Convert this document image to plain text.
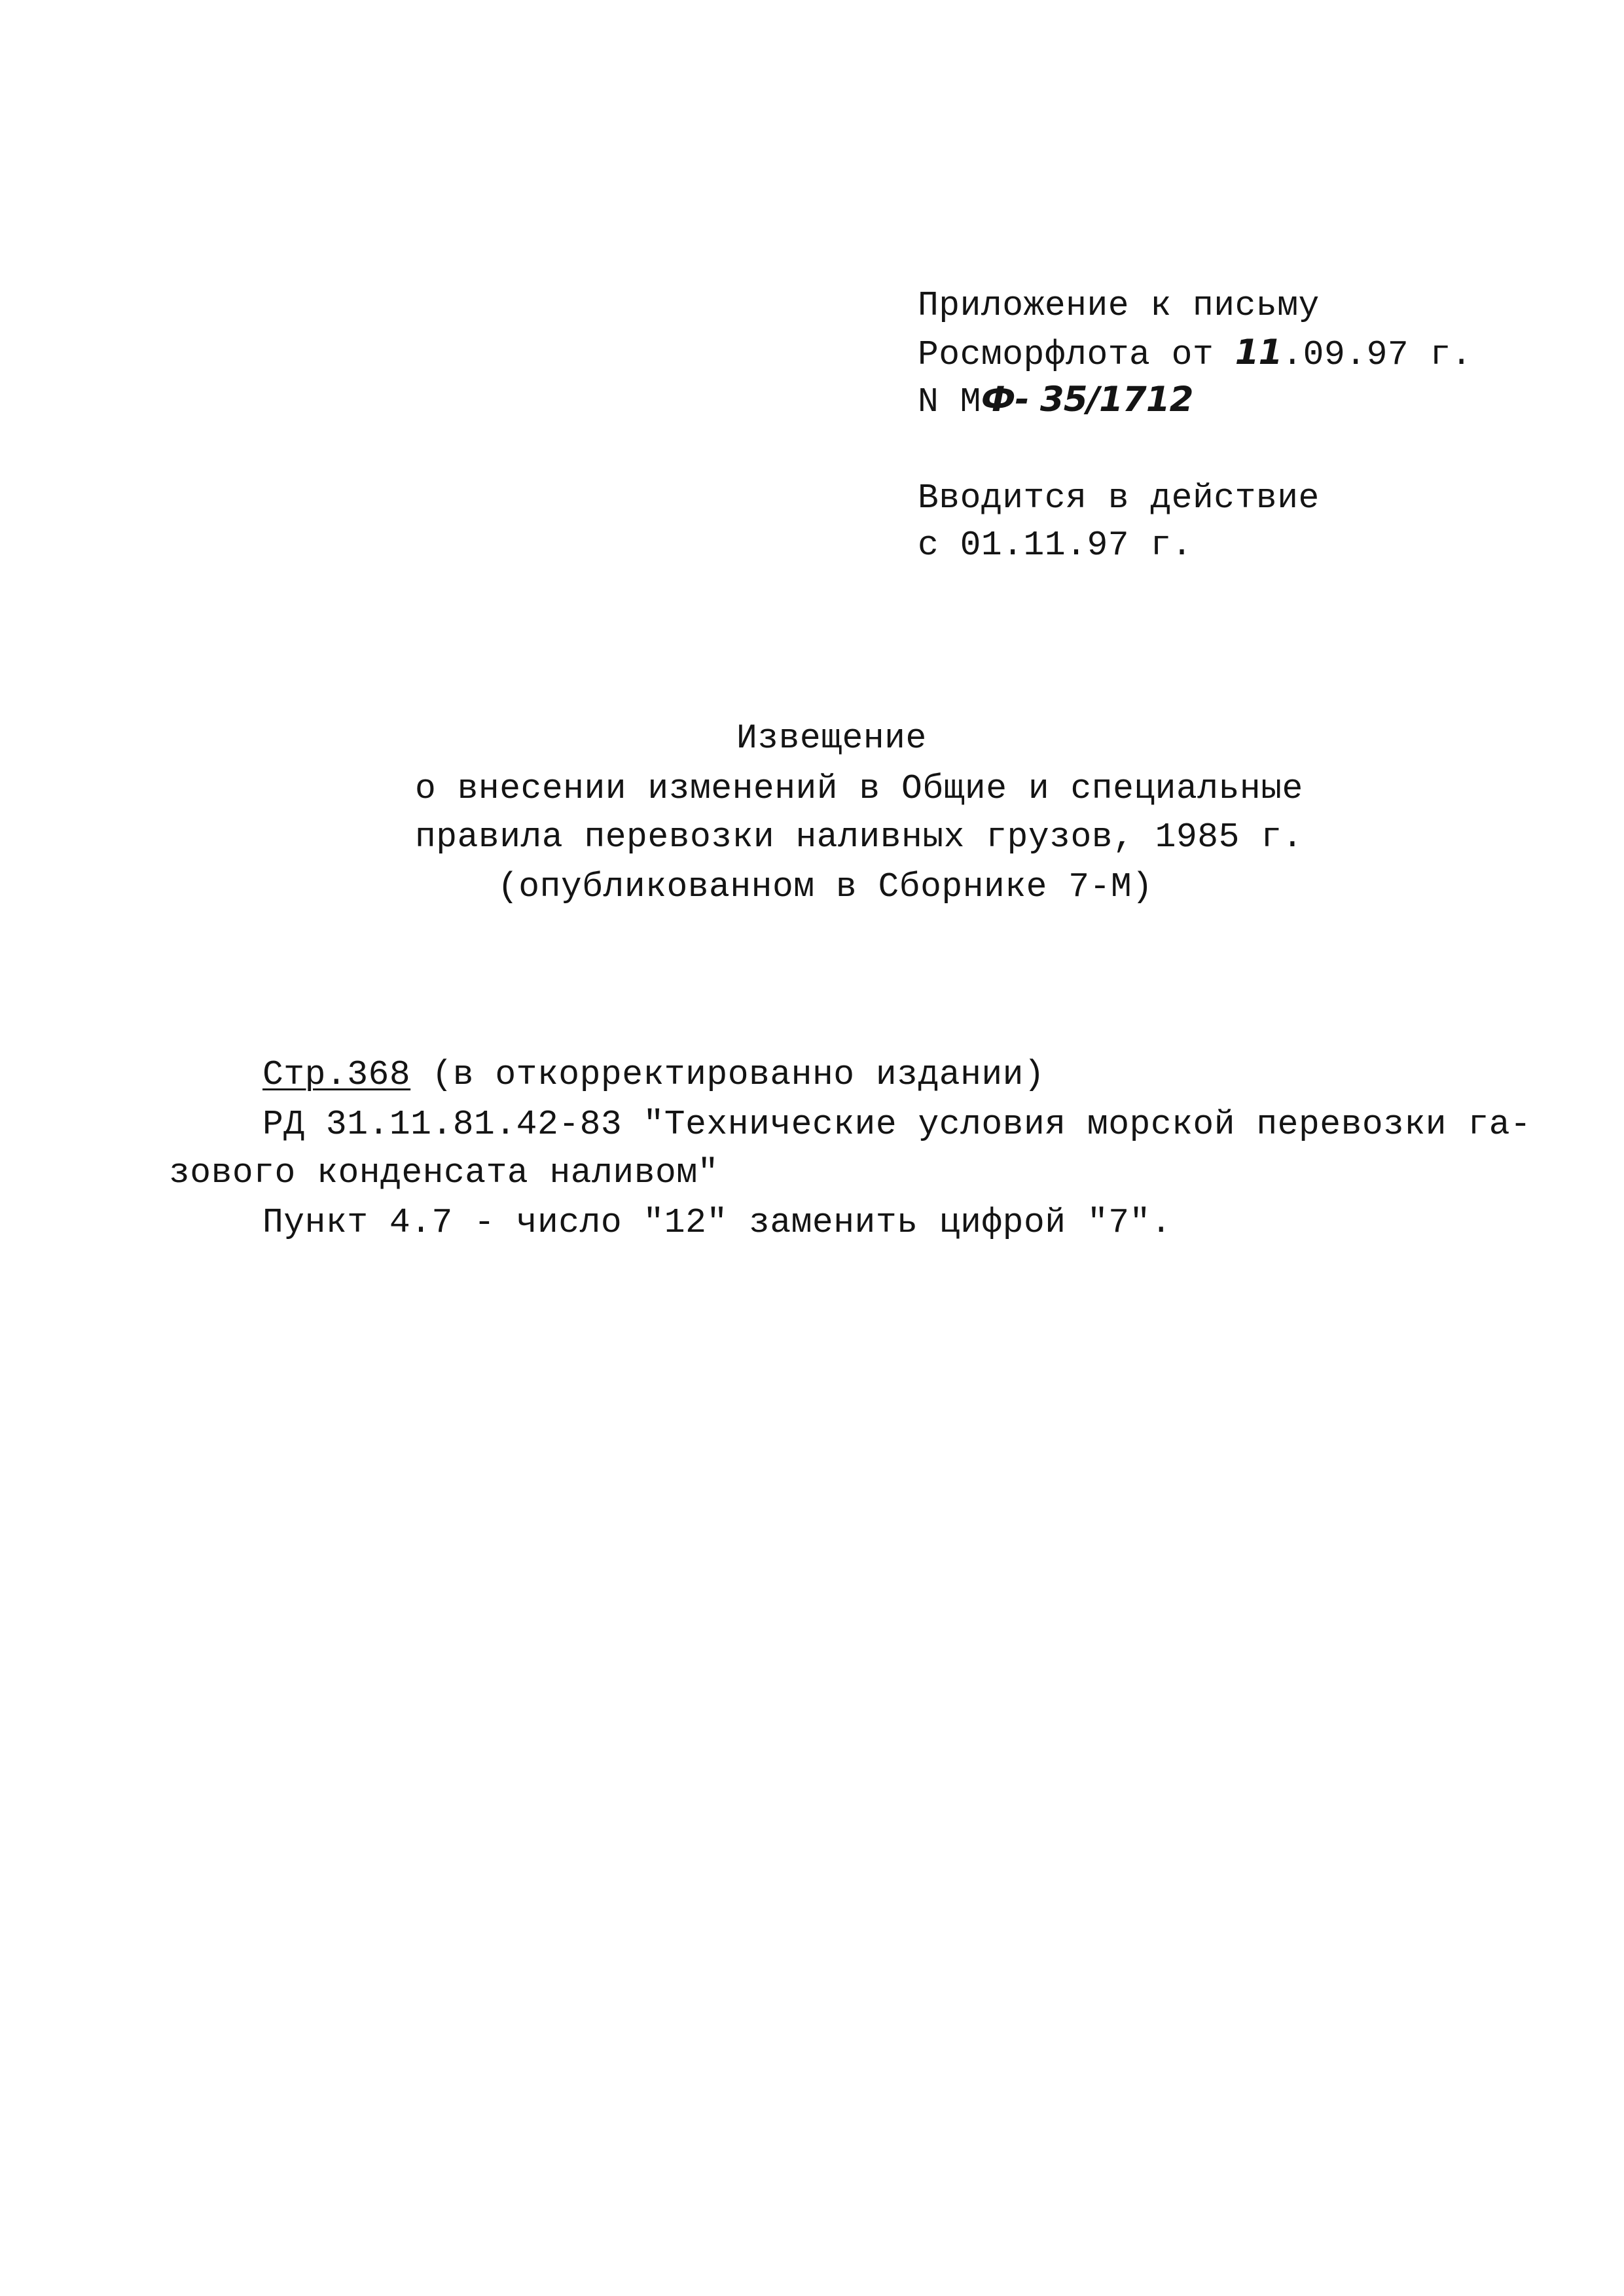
Приложение к письму
Росморфлота от 11.09.97 г.
N МФ- 35/1712
Вводится в действие
с 01.11.97 г.
Извещение
о внесении изменений в Общие и специальные
правила перевозки наливных грузов, 1985 г.
(опубликованном в Сборнике 7-М)
Стр.368 (в откорректированно издании)
РД 31.11.81.42-83 "Технические условия морской перевозки га-
зового конденсата наливом"
Пункт 4.7 - число "12" заменить цифрой "7".
